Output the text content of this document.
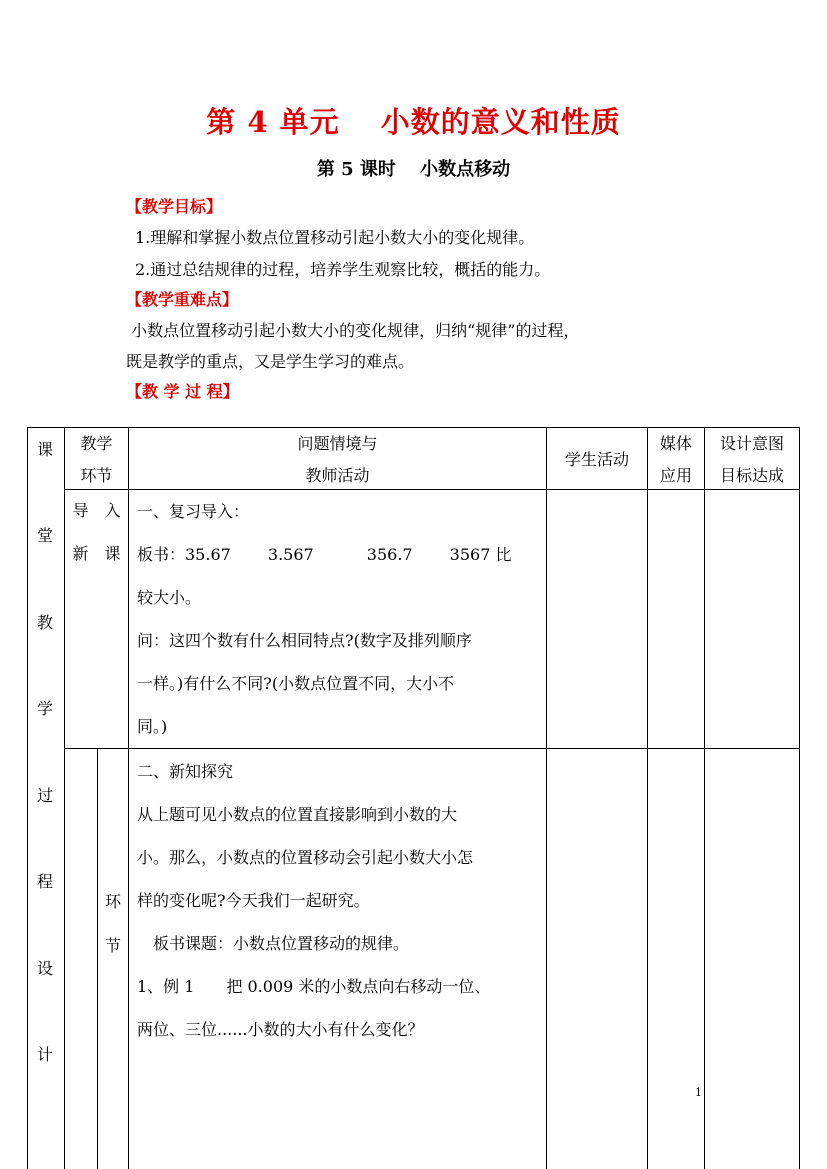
第 4 单元　 小数的意义和性质
第 5 课时　 小数点移动
【教学目标】
1.理解和掌握小数点位置移动引起小数大小的变化规律。
2.通过总结规律的过程，培养学生观察比较，概括的能力。
【教学重难点】
小数点位置移动引起小数大小的变化规律，归纳“规律”的过程，
既是教学的重点，又是学生学习的难点。
【教 学 过 程】
课
堂
教
学
过
程
设
计
教学
环节
问题情境与
教师活动
学生活动
媒体
应用
设计意图
目标达成
导　入
新　课
一、复习导入：
板书：35.67　 　3.567　　　 356.7　　 3567 比
较大小。
问：这四个数有什么相同特点?(数字及排列顺序
一样。)有什么不同?(小数点位置不同，大小不
同。)
环
节
二、新知探究
从上题可见小数点的位置直接影响到小数的大
小。那么，小数点的位置移动会引起小数大小怎
样的变化呢?今天我们一起研究。
　板书课题：小数点位置移动的规律。
1、例 1　　把 0.009 米的小数点向右移动一位、
两位、三位......小数的大小有什么变化？
1
